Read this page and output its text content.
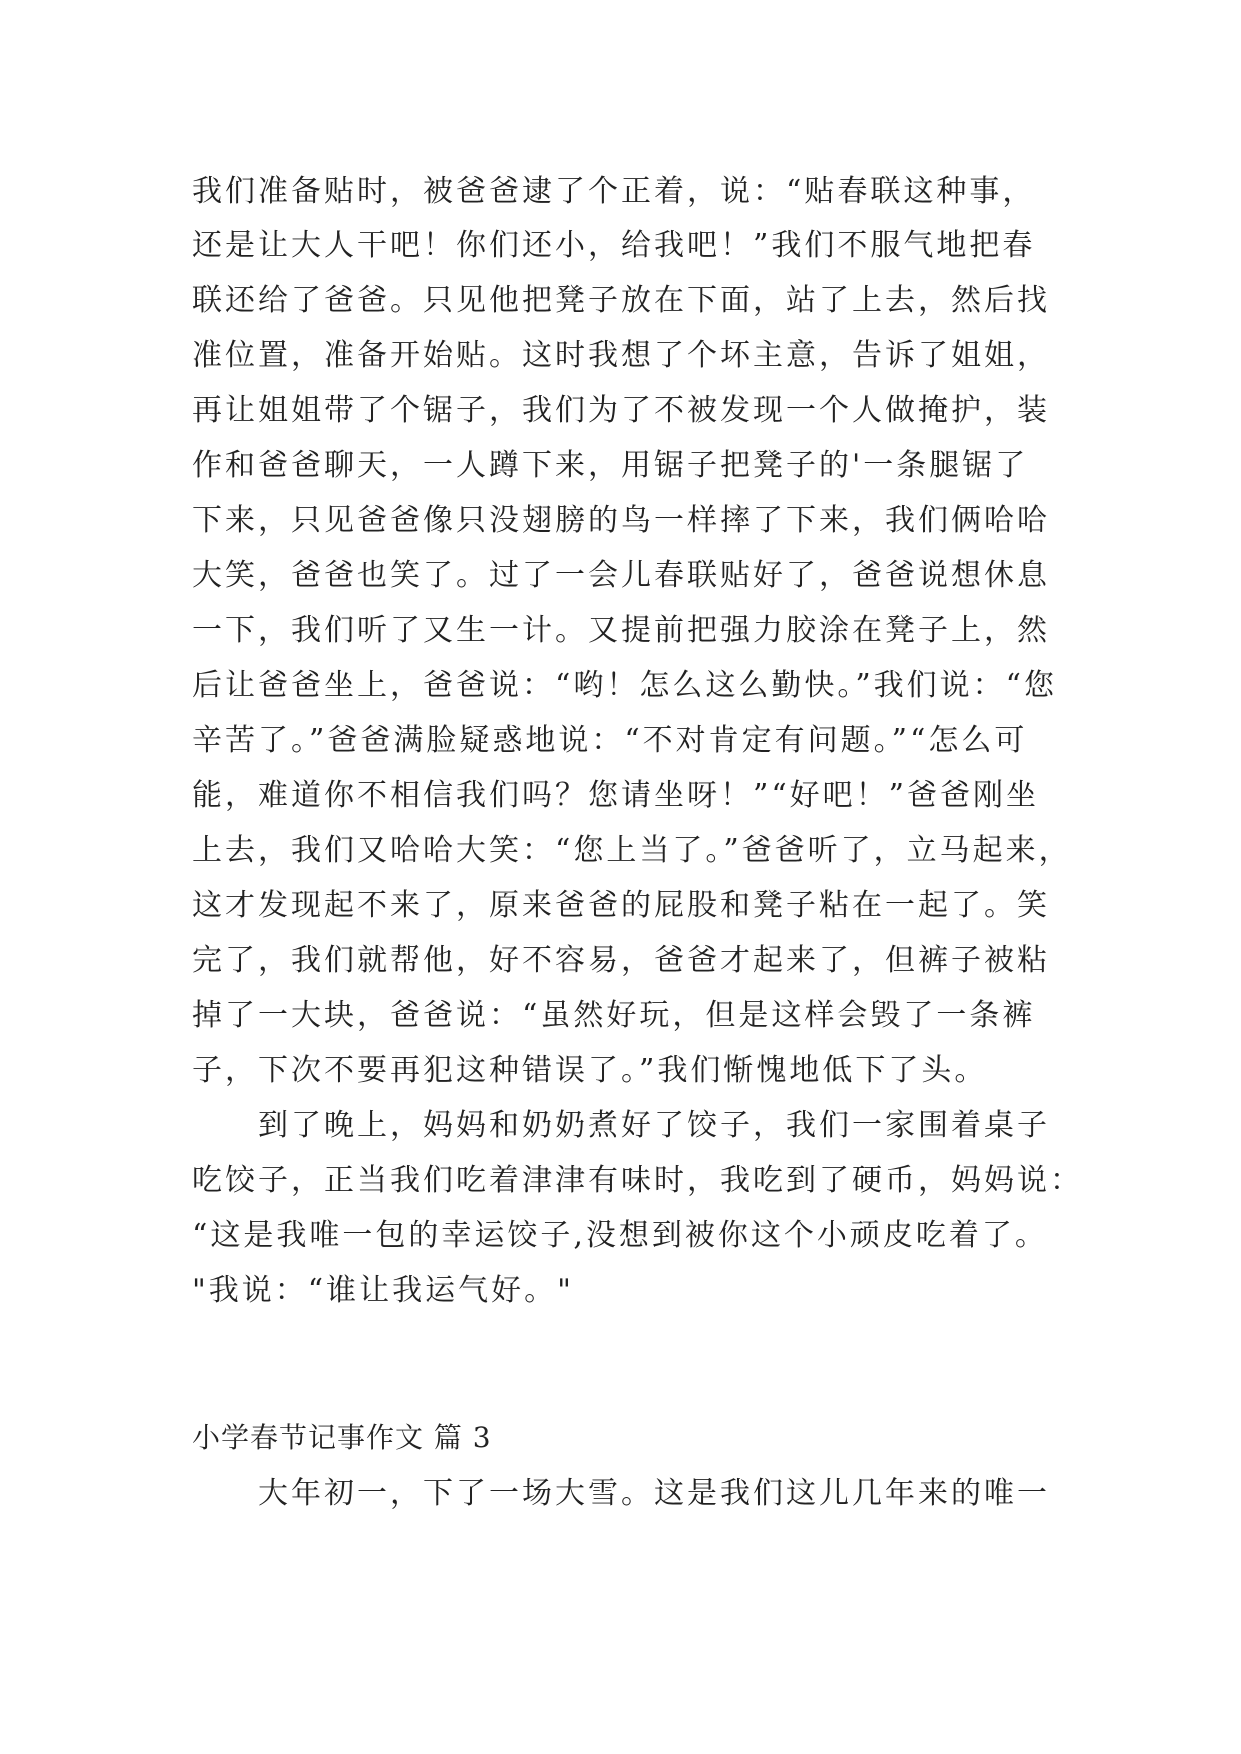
我们准备贴时，被爸爸逮了个正着，说：“贴春联这种事，
还是让大人干吧！你们还小，给我吧！”我们不服气地把春
联还给了爸爸。只见他把凳子放在下面，站了上去，然后找
准位置，准备开始贴。这时我想了个坏主意，告诉了姐姐，
再让姐姐带了个锯子，我们为了不被发现一个人做掩护，装
作和爸爸聊天，一人蹲下来，用锯子把凳子的'一条腿锯了
下来，只见爸爸像只没翅膀的鸟一样摔了下来，我们俩哈哈
大笑，爸爸也笑了。过了一会儿春联贴好了，爸爸说想休息
一下，我们听了又生一计。又提前把强力胶涂在凳子上，然
后让爸爸坐上，爸爸说：“哟！怎么这么勤快。”我们说：“您
辛苦了。”爸爸满脸疑惑地说：“不对肯定有问题。”“怎么可
能，难道你不相信我们吗？您请坐呀！”“好吧！”爸爸刚坐
上去，我们又哈哈大笑：“您上当了。”爸爸听了，立马起来，
这才发现起不来了，原来爸爸的屁股和凳子粘在一起了。笑
完了，我们就帮他，好不容易，爸爸才起来了，但裤子被粘
掉了一大块，爸爸说：“虽然好玩，但是这样会毁了一条裤
子，下次不要再犯这种错误了。”我们惭愧地低下了头。
　　到了晚上，妈妈和奶奶煮好了饺子，我们一家围着桌子
吃饺子，正当我们吃着津津有味时，我吃到了硬币，妈妈说：
“这是我唯一包的幸运饺子,没想到被你这个小顽皮吃着了。
"我说：“谁让我运气好。"
小学春节记事作文 篇 3
　　大年初一，下了一场大雪。这是我们这儿几年来的唯一
